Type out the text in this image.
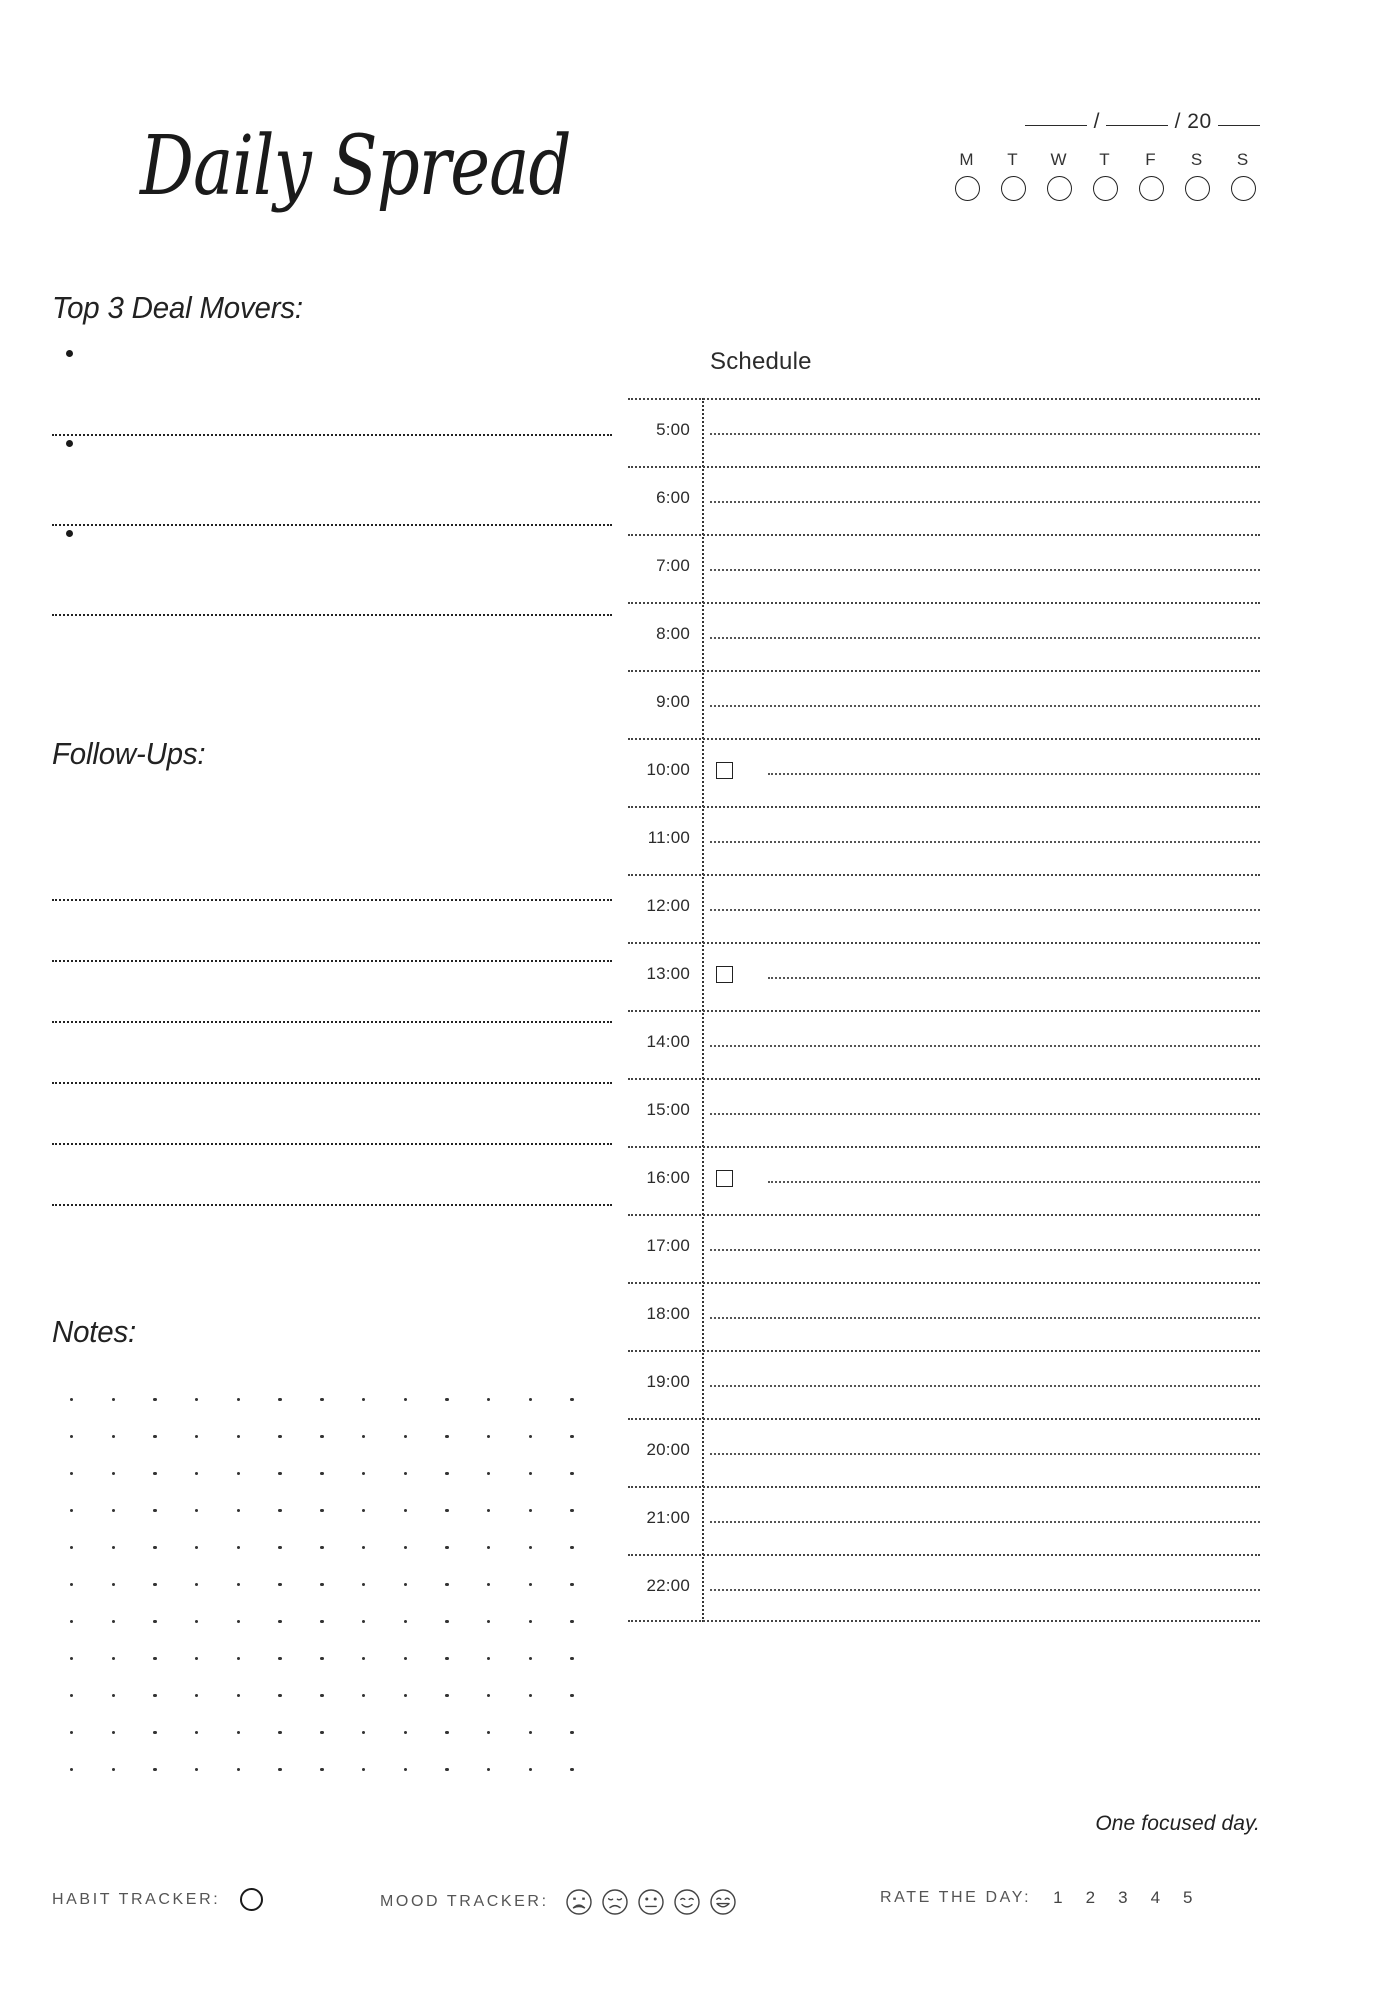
Daily Spread	/	/ 20
M	T	W	T	F	S	S
Top 3 Deal Movers:
Follow-Ups:
Notes:
Schedule
5:00
6:00
7:00
8:00
9:00
10:00
11:00
12:00
13:00
14:00
15:00
16:00
17:00
18:00
19:00
20:00
21:00
22:00
One focused day.
HABIT TRACKER:	MOOD TRACKER:	RATE THE DAY: 1 2 3 4 5
